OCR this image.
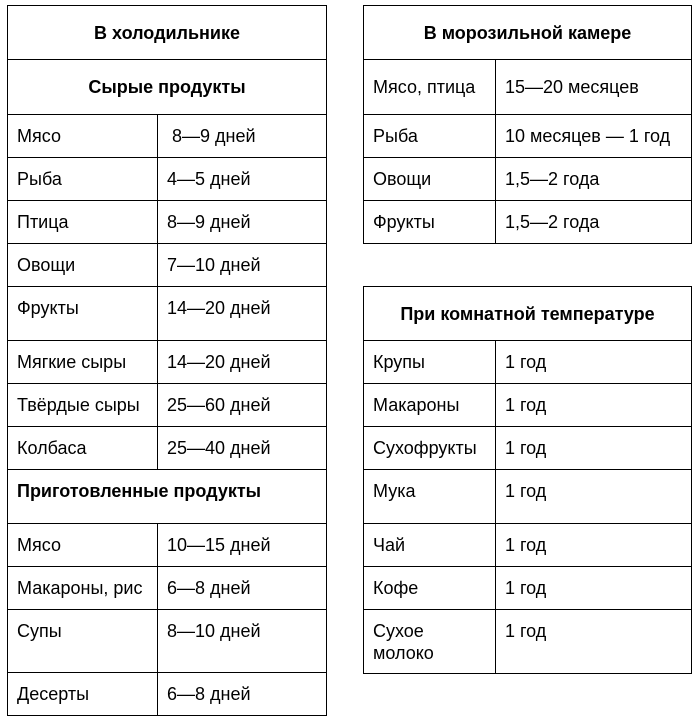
В холодильнике	
Сырые продукты	
Мясо	8—9 дней
Рыба	4—5 дней
Птица	8—9 дней
Овощи	7—10 дней
Фрукты	14—20 дней
Мягкие сыры	14—20 дней
Твёрдые сыры	25—60 дней
Колбаса	25—40 дней
Приготовленные продукты	
Мясо	10—15 дней
Макароны, рис	6—8 дней
Супы	8—10 дней
Десерты	6—8 дней
В морозильной камере	
Мясо, птица	15—20 месяцев
Рыба	10 месяцев — 1 год
Овощи	1,5—2 года
Фрукты	1,5—2 года
При комнатной температуре	
Крупы	1 год
Макароны	1 год
Сухофрукты	1 год
Мука	1 год
Чай	1 год
Кофе	1 год
Сухое молоко	1 год
